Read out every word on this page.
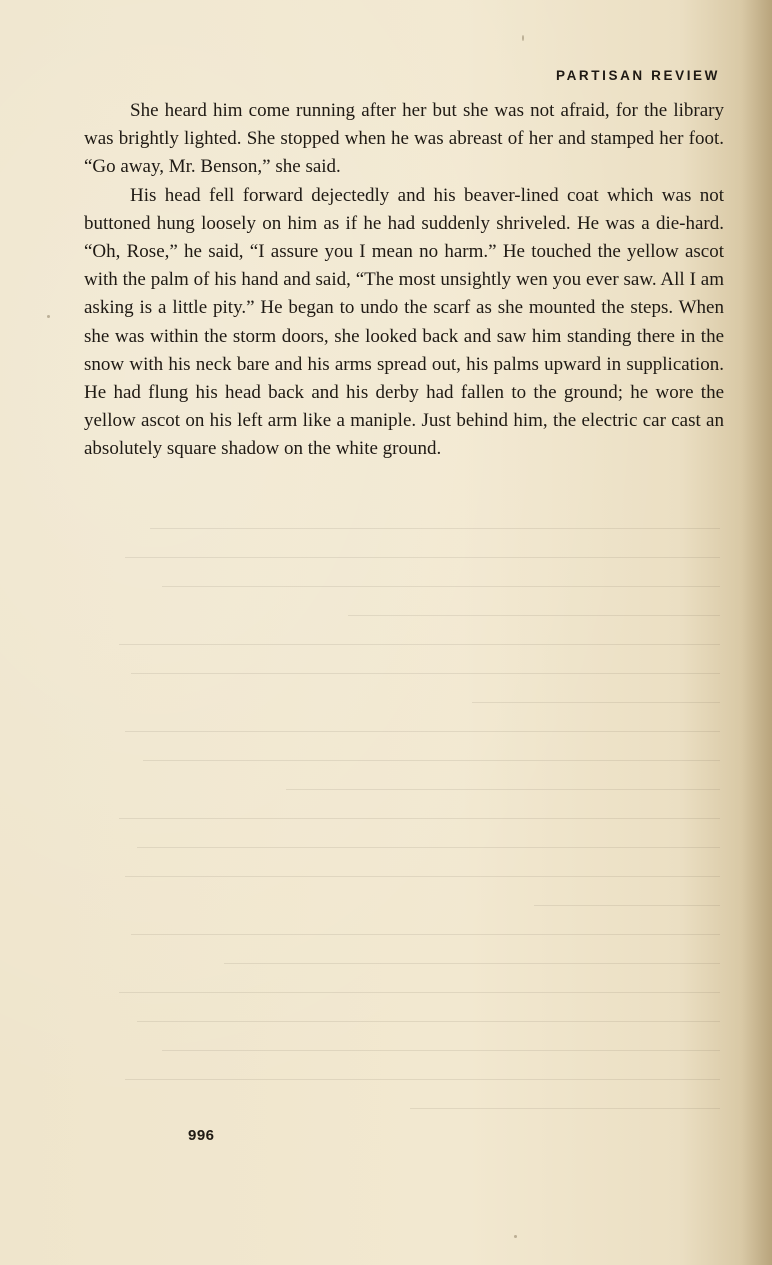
PARTISAN REVIEW

She heard him come running after her but she was not afraid, for the library was brightly lighted. She stopped when he was abreast of her and stamped her foot. “Go away, Mr. Benson,” she said.

His head fell forward dejectedly and his beaver-lined coat which was not buttoned hung loosely on him as if he had suddenly shriveled. He was a die-hard. “Oh, Rose,” he said, “I assure you I mean no harm.” He touched the yellow ascot with the palm of his hand and said, “The most unsightly wen you ever saw. All I am asking is a little pity.” He began to undo the scarf as she mounted the steps. When she was within the storm doors, she looked back and saw him standing there in the snow with his neck bare and his arms spread out, his palms upward in supplication. He had flung his head back and his derby had fallen to the ground; he wore the yellow ascot on his left arm like a maniple. Just behind him, the electric car cast an absolutely square shadow on the white ground.

996
